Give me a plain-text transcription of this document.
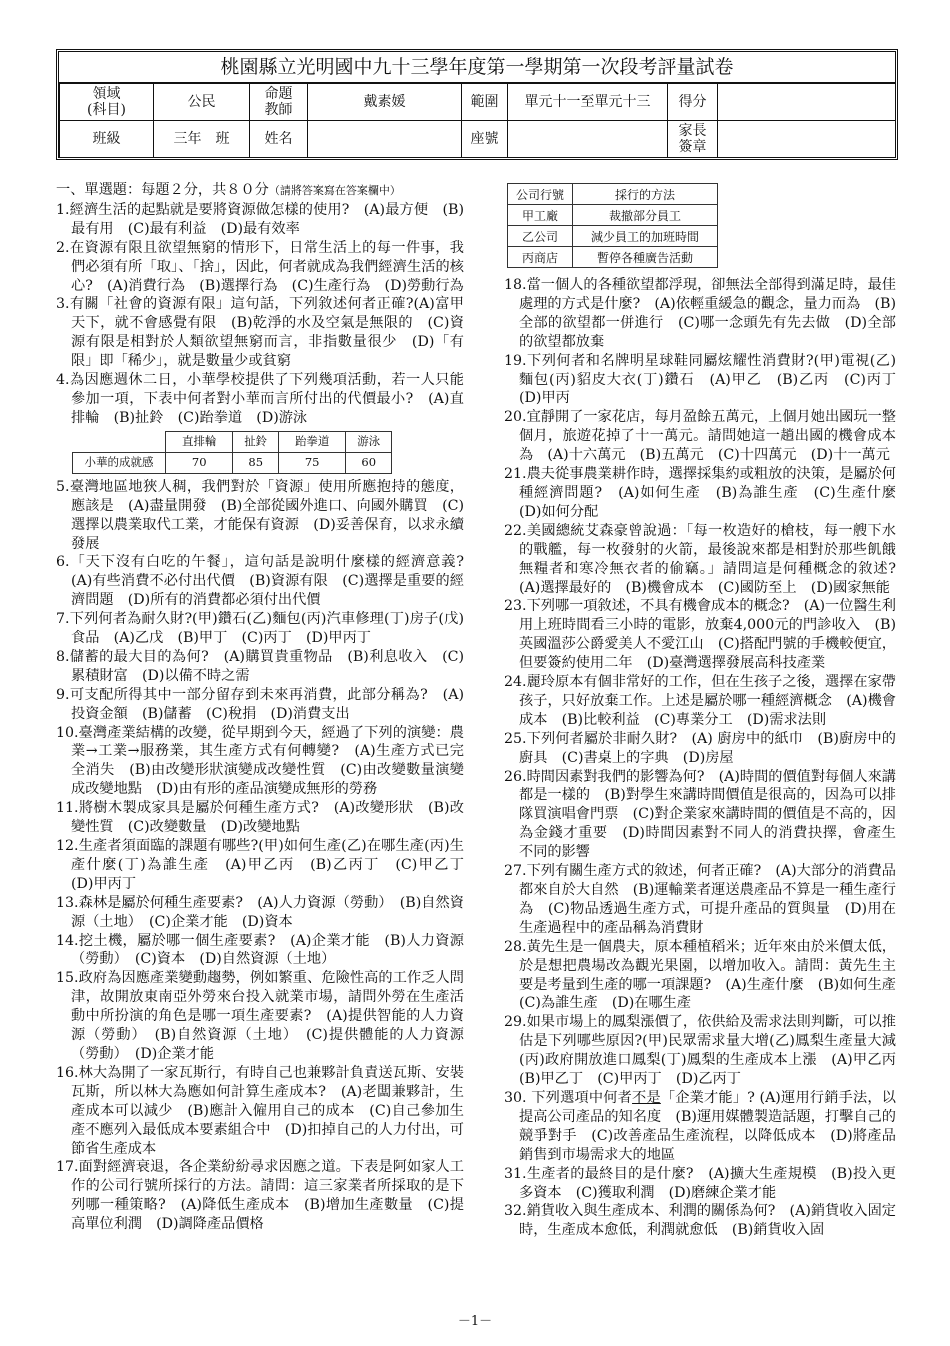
桃園縣立光明國中九十三學年度第一學期第一次段考評量試卷
領域
(科目)	公民	命題
教師	戴素媛	範圍	單元十一至單元十三	得分	
班級	三年　班	姓名		座號		家長
簽章	
一、單選題：每題２分，共８０分（請將答案寫在答案欄中）

1.經濟生活的起點就是要將資源做怎樣的使用?　(A)最方便　(B)最有用　(C)最有利益　(D)最有效率

2.在資源有限且欲望無窮的情形下，日常生活上的每一件事，我們必須有所「取」、「捨」，因此，何者就成為我們經濟生活的核心?　(A)消費行為　(B)選擇行為　(C)生產行為　(D)勞動行為

3.有關「社會的資源有限」這句話，下列敘述何者正確?(A)富甲天下，就不會感覺有限　(B)乾淨的水及空氣是無限的　(C)資源有限是相對於人類欲望無窮而言，非指數量很少　(D)「有限」即「稀少」，就是數量少或貧窮

4.為因應週休二日，小華學校提供了下列幾項活動，若一人只能參加一項，下表中何者對小華而言所付出的代價最小?　(A)直排輪　(B)扯鈴　(C)跆拳道　(D)游泳

	直排輪	扯鈴	跆拳道	游泳
小華的成就感	70	85	75	60

5.臺灣地區地狹人稠，我們對於「資源」使用所應抱持的態度，應該是　(A)盡量開發　(B)全部從國外進口、向國外購買　(C)選擇以農業取代工業，才能保有資源　(D)妥善保育，以求永續發展

6.「天下沒有白吃的午餐」，這句話是說明什麼樣的經濟意義?　(A)有些消費不必付出代價　(B)資源有限　(C)選擇是重要的經濟問題　(D)所有的消費都必須付出代價

7.下列何者為耐久財?(甲)鑽石(乙)麵包(丙)汽車修理(丁)房子(戊)食品　(A)乙戊　(B)甲丁　(C)丙丁　(D)甲丙丁

8.儲蓄的最大目的為何?　(A)購買貴重物品　(B)利息收入　(C)累積財富　(D)以備不時之需

9.可支配所得其中一部分留存到未來再消費，此部分稱為?　(A)投資金額　(B)儲蓄　(C)稅捐　(D)消費支出

10.臺灣產業結構的改變，從早期到今天，經過了下列的演變：農業→工業→服務業，其生產方式有何轉變?　(A)生產方式已完全消失　(B)由改變形狀演變成改變性質　(C)由改變數量演變成改變地點　(D)由有形的產品演變成無形的勞務

11.將樹木製成家具是屬於何種生產方式?　(A)改變形狀　(B)改變性質　(C)改變數量　(D)改變地點

12.生產者須面臨的課題有哪些?(甲)如何生產(乙)在哪生產(丙)生產什麼(丁)為誰生產　(A)甲乙丙　(B)乙丙丁　(C)甲乙丁　(D)甲丙丁

13.森林是屬於何種生產要素?　(A)人力資源（勞動）　(B)自然資源（土地）　(C)企業才能　(D)資本

14.挖土機，屬於哪一個生產要素?　(A)企業才能　(B)人力資源（勞動）　(C)資本　(D)自然資源（土地）

15.政府為因應產業變動趨勢，例如繁重、危險性高的工作乏人問津，故開放東南亞外勞來台投入就業市場，請問外勞在生產活動中所扮演的角色是哪一項生產要素?　(A)提供智能的人力資源（勞動）　(B)自然資源（土地）　(C)提供體能的人力資源（勞動）　(D)企業才能

16.林大為開了一家瓦斯行，有時自己也兼夥計負責送瓦斯、安裝瓦斯，所以林大為應如何計算生產成本?　(A)老闆兼夥計，生產成本可以減少　(B)應計入僱用自己的成本　(C)自己參加生產不應列入最低成本要素組合中　(D)扣掉自己的人力付出，可節省生產成本

17.面對經濟衰退，各企業紛紛尋求因應之道。下表是阿如家人工作的公司行號所採行的方法。請問：這三家業者所採取的是下列哪一種策略?　(A)降低生產成本　(B)增加生產數量　(C)提高單位利潤　(D)調降產品價格

公司行號	採行的方法
甲工廠	裁撤部分員工
乙公司	減少員工的加班時間
丙商店	暫停各種廣告活動

18.當一個人的各種欲望都浮現，卻無法全部得到滿足時，最佳處理的方式是什麼?　(A)依輕重緩急的觀念，量力而為　(B)全部的欲望都一併進行　(C)哪一念頭先有先去做　(D)全部的欲望都放棄

19.下列何者和名牌明星球鞋同屬炫耀性消費財?(甲)電視(乙)麵包(丙)貂皮大衣(丁)鑽石　(A)甲乙　(B)乙丙　(C)丙丁　(D)甲丙

20.宜靜開了一家花店，每月盈餘五萬元，上個月她出國玩一整個月，旅遊花掉了十一萬元。請問她這一趟出國的機會成本為　(A)十六萬元　(B)五萬元　(C)十四萬元　(D)十一萬元

21.農夫從事農業耕作時，選擇採集約或粗放的決策，是屬於何種經濟問題?　(A)如何生產　(B)為誰生產　(C)生產什麼　(D)如何分配

22.美國總統艾森豪曾說過：「每一枚造好的槍枝，每一艘下水的戰艦，每一枚發射的火箭，最後說來都是相對於那些飢餓無糧者和寒冷無衣者的偷竊。」請問這是何種概念的敘述?　(A)選擇最好的　(B)機會成本　(C)國防至上　(D)國家無能

23.下列哪一項敘述，不具有機會成本的概念?　(A)一位醫生利用上班時間看三小時的電影，放棄4,000元的門診收入　(B)英國溫莎公爵愛美人不愛江山　(C)搭配門號的手機較便宜，但要簽約使用二年　(D)臺灣選擇發展高科技產業

24.麗玲原本有個非常好的工作，但在生孩子之後，選擇在家帶孩子，只好放棄工作。上述是屬於哪一種經濟概念　(A)機會成本　(B)比較利益　(C)專業分工　(D)需求法則

25.下列何者屬於非耐久財?　(A) 廚房中的紙巾　(B)廚房中的廚具　(C)書桌上的字典　(D)房屋

26.時間因素對我們的影響為何?　(A)時間的價值對每個人來講都是一樣的　(B)對學生來講時間價值是很高的，因為可以排隊買演唱會門票　(C)對企業家來講時間的價值是不高的，因為金錢才重要　(D)時間因素對不同人的消費抉擇，會產生不同的影響

27.下列有關生產方式的敘述，何者正確?　(A)大部分的消費品都來自於大自然　(B)運輸業者運送農產品不算是一種生產行為　(C)物品透過生產方式，可提升產品的質與量　(D)用在生產過程中的產品稱為消費財

28.黃先生是一個農夫，原本種植稻米；近年來由於米價太低，於是想把農場改為觀光果園，以增加收入。請問：黃先生主要是考量到生產的哪一項課題?　(A)生產什麼　(B)如何生產　(C)為誰生產　(D)在哪生產

29.如果市場上的鳳梨漲價了，依供給及需求法則判斷，可以推估是下列哪些原因?(甲)民眾需求量大增(乙)鳳梨生產量大減(丙)政府開放進口鳳梨(丁)鳳梨的生產成本上漲　(A)甲乙丙　(B)甲乙丁　(C)甲丙丁　(D)乙丙丁

30. 下列選項中何者不是「企業才能」? (A)運用行銷手法，以提高公司產品的知名度　(B)運用媒體製造話題，打擊自己的競爭對手　(C)改善產品生產流程，以降低成本　(D)將產品銷售到市場需求大的地區

31.生產者的最終目的是什麼?　(A)擴大生產規模　(B)投入更多資本　(C)獲取利潤　(D)磨練企業才能

32.銷貨收入與生產成本、利潤的關係為何?　(A)銷貨收入固定時，生產成本愈低，利潤就愈低　(B)銷貨收入固

－1－
